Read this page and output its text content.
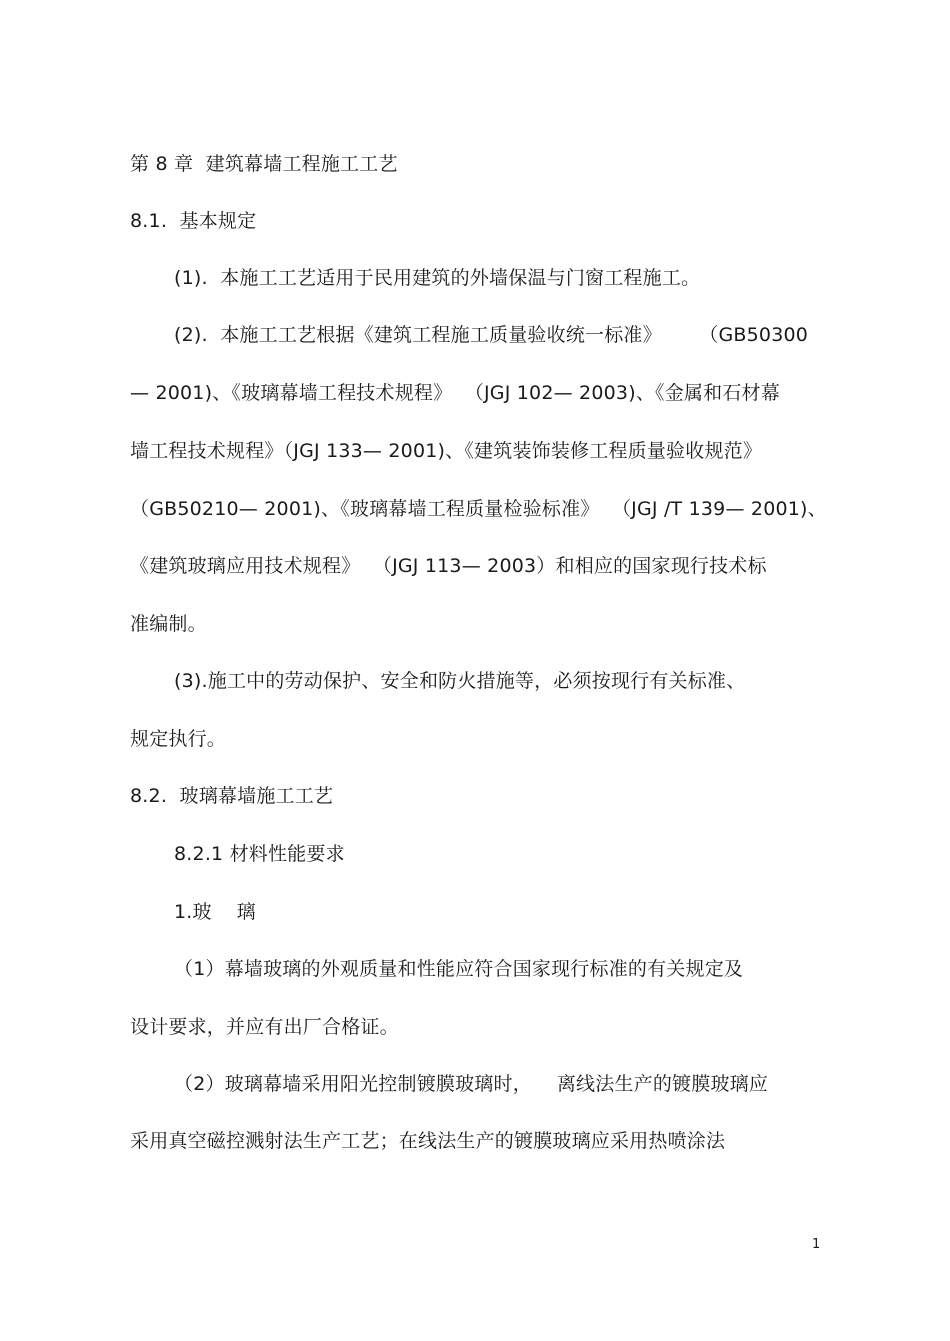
第 8 章  建筑幕墙工程施工工艺
8.1.  基本规定
(1).  本施工工艺适用于民用建筑的外墙保温与门窗工程施工。
(2).  本施工工艺根据《建筑工程施工质量验收统一标准》      （GB50300
— 2001)、《玻璃幕墙工程技术规程》  （JGJ 102— 2003)、《金属和石材幕
墙工程技术规程》（JGJ 133— 2001)、《建筑装饰装修工程质量验收规范》
（GB50210— 2001)、《玻璃幕墙工程质量检验标准》  （JGJ /T 139— 2001)、
《建筑玻璃应用技术规程》  （JGJ 113— 2003）和相应的国家现行技术标
准编制。
(3).施工中的劳动保护、安全和防火措施等，必须按现行有关标准、
规定执行。
8.2.  玻璃幕墙施工工艺
8.2.1 材料性能要求
1.玻    璃
（1）幕墙玻璃的外观质量和性能应符合国家现行标准的有关规定及
设计要求，并应有出厂合格证。
（2）玻璃幕墙采用阳光控制镀膜玻璃时，    离线法生产的镀膜玻璃应
采用真空磁控溅射法生产工艺；在线法生产的镀膜玻璃应采用热喷涂法
1
